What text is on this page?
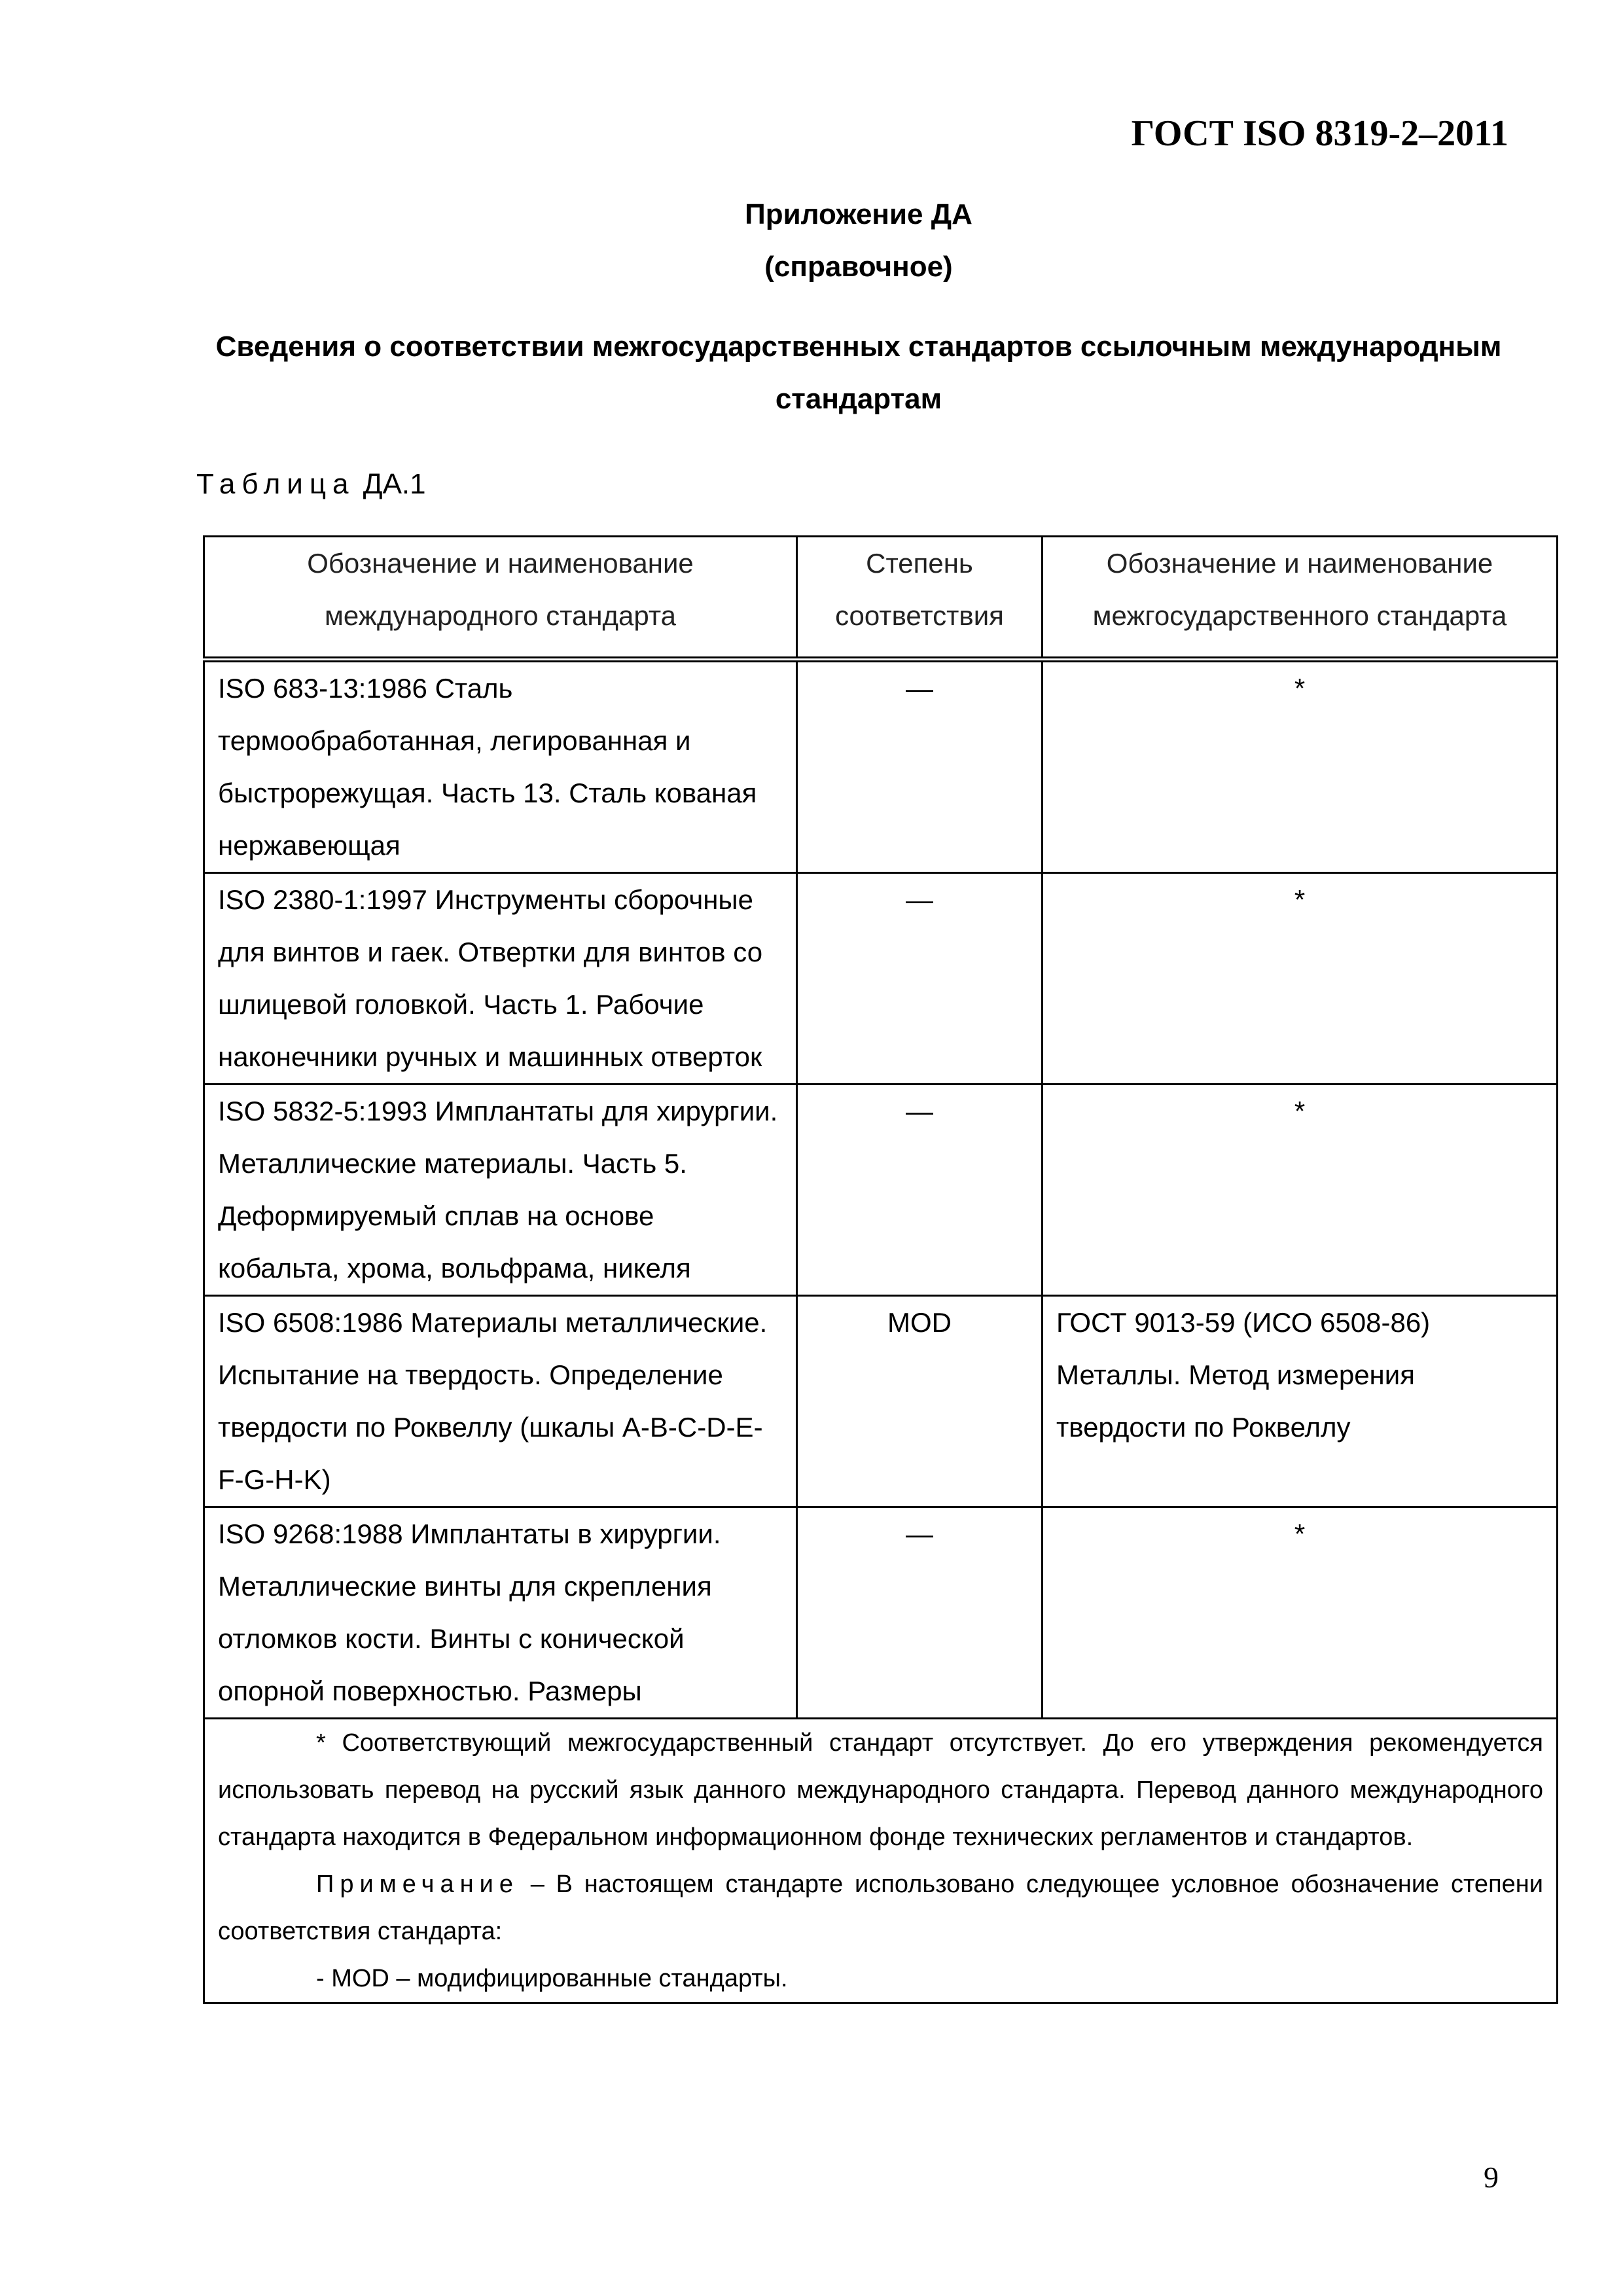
ГОСТ ISO 8319-2–2011
Приложение ДА
(справочное)
Сведения о соответствии межгосударственных стандартов ссылочным международным стандартам
Таблица ДА.1
Обозначение и наименование международного стандарта	Степень соответствия	Обозначение и наименование межгосударственного стандарта
ISO 683-13:1986 Сталь термообработанная, легированная и быстрорежущая. Часть 13. Сталь кованая нержавеющая	—	*
ISO 2380-1:1997 Инструменты сборочные для винтов и гаек. Отвертки для винтов со шлицевой головкой. Часть 1. Рабочие наконечники ручных и машинных отверток	—	*
ISO 5832-5:1993 Имплантаты для хирургии. Металлические материалы. Часть 5. Деформируемый сплав на основе кобальта, хрома, вольфрама, никеля	—	*
ISO 6508:1986 Материалы металлические. Испытание на твердость. Определение твердости по Роквеллу (шкалы A-B-C-D-E-F-G-H-K)	MOD	ГОСТ 9013-59 (ИСО 6508-86) Металлы. Метод измерения твердости по Роквеллу
ISO 9268:1988 Имплантаты в хирургии. Металлические винты для скрепления отломков кости. Винты с конической опорной поверхностью. Размеры	—	*

* Соответствующий межгосударственный стандарт отсутствует. До его утверждения рекомендуется использовать перевод на русский язык данного международного стандарта. Перевод данного международного стандарта находится в Федеральном информационном фонде технических регламентов и стандартов.

Примечание – В настоящем стандарте использовано следующее условное обозначение степени соответствия стандарта:

- MOD – модифицированные стандарты.		

9
